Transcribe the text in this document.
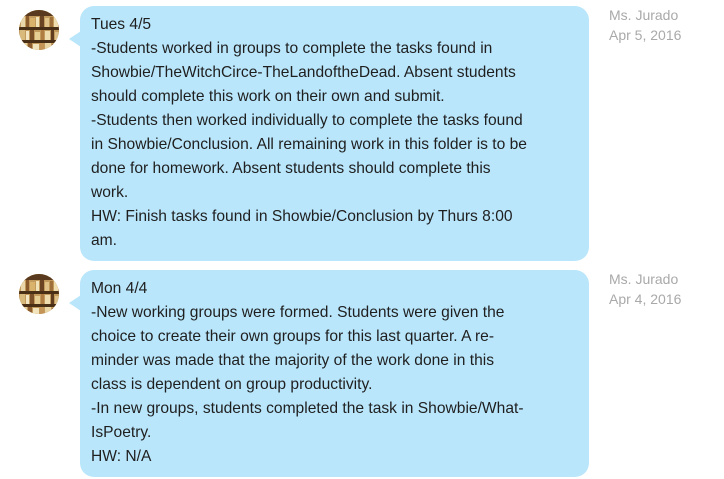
Tues 4/5
-Students worked in groups to complete the tasks found in
Showbie/TheWitchCirce-TheLandoftheDead. Absent students
should complete this work on their own and submit.
-Students then worked individually to complete the tasks found
in Showbie/Conclusion. All remaining work in this folder is to be
done for homework. Absent students should complete this
work.
HW: Finish tasks found in Showbie/Conclusion by Thurs 8:00
am.
Ms. Jurado
Apr 5, 2016
Mon 4/4
-New working groups were formed. Students were given the
choice to create their own groups for this last quarter. A re-
minder was made that the majority of the work done in this
class is dependent on group productivity.
-In new groups, students completed the task in Showbie/What-
IsPoetry.
HW: N/A
Ms. Jurado
Apr 4, 2016
